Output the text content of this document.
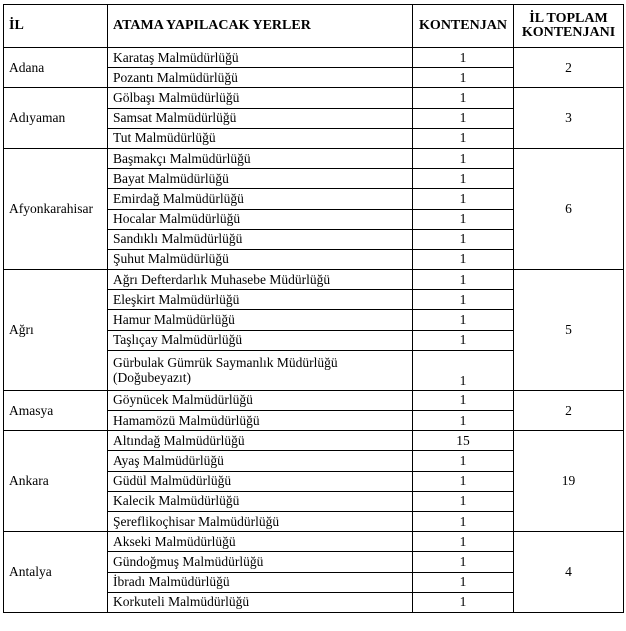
İL	ATAMA YAPILACAK YERLER	KONTENJAN	İL TOPLAM KONTENJANI
Adana	Karataş Malmüdürlüğü	1	2
	Pozantı Malmüdürlüğü	1	
Adıyaman	Gölbaşı Malmüdürlüğü	1	3
	Samsat Malmüdürlüğü	1	
	Tut Malmüdürlüğü	1	
Afyonkarahisar	Başmakçı Malmüdürlüğü	1	6
	Bayat Malmüdürlüğü	1	
	Emirdağ Malmüdürlüğü	1	
	Hocalar Malmüdürlüğü	1	
	Sandıklı Malmüdürlüğü	1	
	Şuhut Malmüdürlüğü	1	
Ağrı	Ağrı Defterdarlık Muhasebe Müdürlüğü	1	5
	Eleşkirt Malmüdürlüğü	1	
	Hamur Malmüdürlüğü	1	
	Taşlıçay Malmüdürlüğü	1	
	Gürbulak Gümrük Saymanlık Müdürlüğü (Doğubeyazıt)	1	
Amasya	Göynücek Malmüdürlüğü	1	2
	Hamamözü Malmüdürlüğü	1	
Ankara	Altındağ Malmüdürlüğü	15	19
	Ayaş Malmüdürlüğü	1	
	Güdül Malmüdürlüğü	1	
	Kalecik Malmüdürlüğü	1	
	Şereflikoçhisar Malmüdürlüğü	1	
Antalya	Akseki Malmüdürlüğü	1	4
	Gündoğmuş Malmüdürlüğü	1	
	İbradı Malmüdürlüğü	1	
	Korkuteli Malmüdürlüğü	1	
